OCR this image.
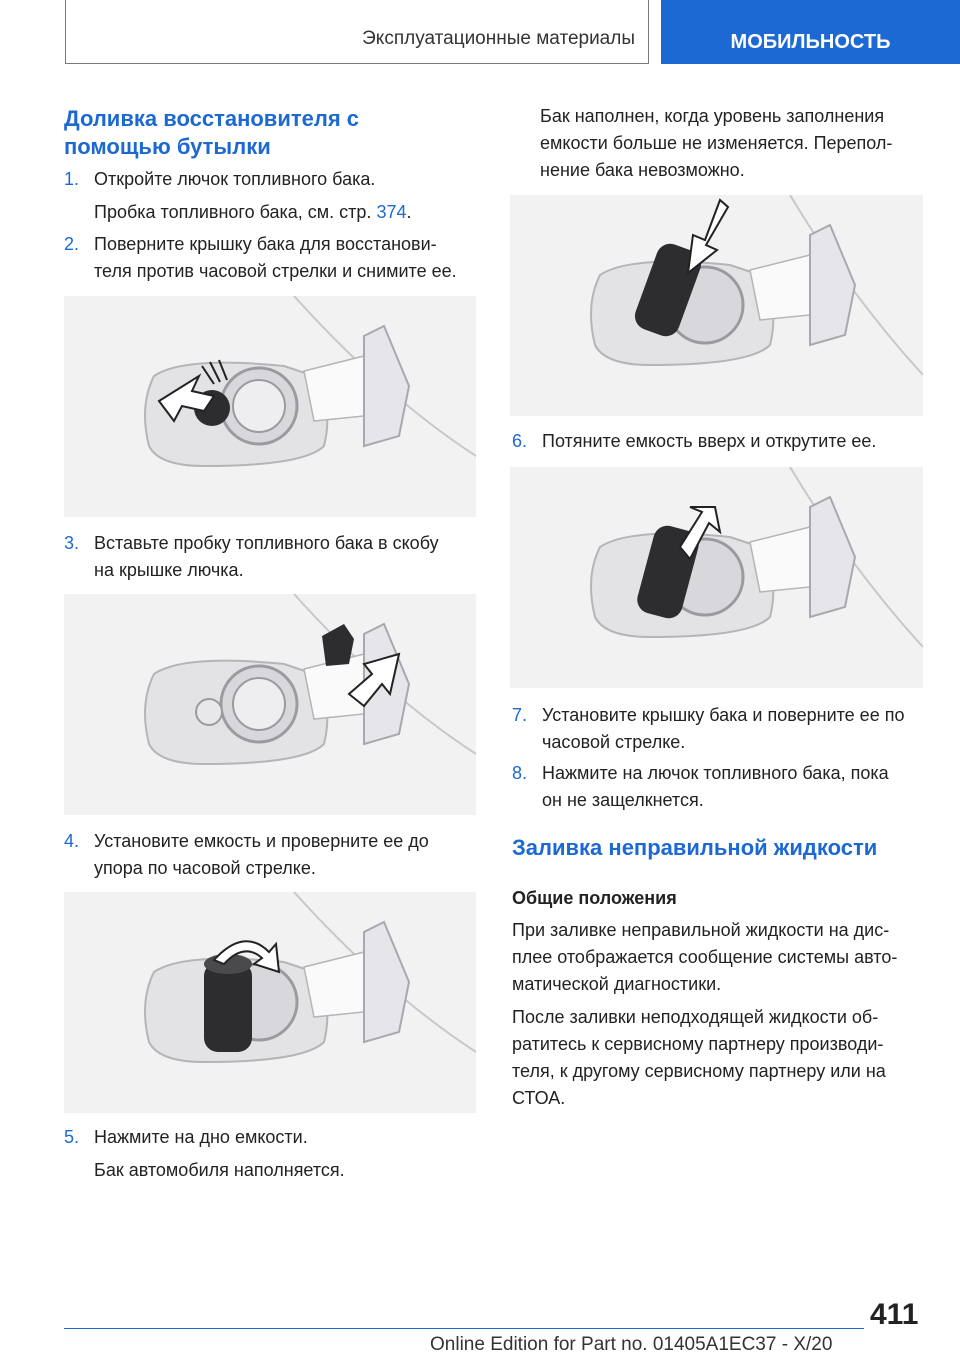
Эксплуатационные материалы	МОБИЛЬНОСТЬ
Доливка восстановителя с
помощью бутылки
1. Откройте лючок топливного бака.
Пробка топливного бака, см. стр. 374.
2. Поверните крышку бака для восстанови-
теля против часовой стрелки и снимите ее.
3. Вставьте пробку топливного бака в скобу
на крышке лючка.
4. Установите емкость и проверните ее до
упора по часовой стрелке.
5. Нажмите на дно емкости.
Бак автомобиля наполняется.
Бак наполнен, когда уровень заполнения
емкости больше не изменяется. Перепол-
нение бака невозможно.
6. Потяните емкость вверх и открутите ее.
7. Установите крышку бака и поверните ее по
часовой стрелке.
8. Нажмите на лючок топливного бака, пока
он не защелкнется.
Заливка неправильной жидкости
Общие положения
При заливке неправильной жидкости на дис-
плее отображается сообщение системы авто-
матической диагностики.
После заливки неподходящей жидкости об-
ратитесь к сервисному партнеру производи-
теля, к другому сервисному партнеру или на
СТОА.
411
Online Edition for Part no. 01405A1EC37 - X/20
